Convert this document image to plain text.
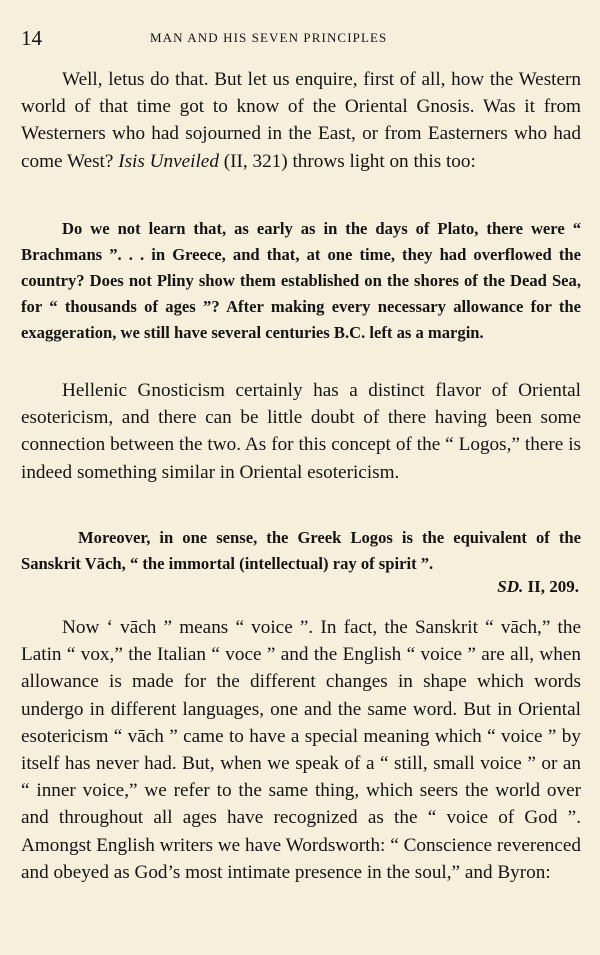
14	MAN AND HIS SEVEN PRINCIPLES

Well, letus do that. But let us enquire, first of all, how the Western world of that time got to know of the Oriental Gnosis. Was it from Westerners who had sojourned in the East, or from Easterners who had come West? Isis Unveiled (II, 321) throws light on this too:

Do we not learn that, as early as in the days of Plato, there were “ Brachmans ”. . . in Greece, and that, at one time, they had overflowed the country? Does not Pliny show them established on the shores of the Dead Sea, for “ thousands of ages ”? After making every necessary allowance for the exaggeration, we still have several centuries B.C. left as a margin.

Hellenic Gnosticism certainly has a distinct flavor of Oriental esotericism, and there can be little doubt of there having been some connection between the two. As for this concept of the “ Logos,” there is indeed something similar in Oriental esotericism.

Moreover, in one sense, the Greek Logos is the equivalent of the Sanskrit Vāch, “ the immortal (intellectual) ray of spirit ”.

SD. II, 209.

Now ‘ vāch ” means “ voice ”. In fact, the Sanskrit “ vāch,” the Latin “ vox,” the Italian “ voce ” and the English “ voice ” are all, when allowance is made for the different changes in shape which words undergo in different languages, one and the same word. But in Oriental esotericism “ vāch ” came to have a special meaning which “ voice ” by itself has never had. But, when we speak of a “ still, small voice ” or an “ inner voice,” we refer to the same thing, which seers the world over and throughout all ages have recognized as the “ voice of God ”. Amongst English writers we have Wordsworth: “ Conscience reverenced and obeyed as God’s most intimate presence in the soul,” and Byron:
